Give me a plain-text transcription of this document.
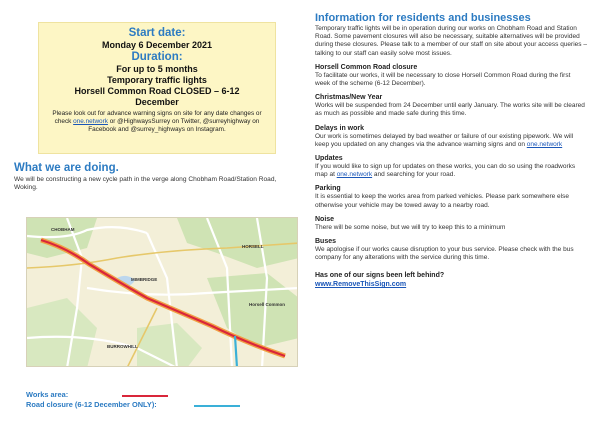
Start date:
Monday 6 December 2021
Duration:
For up to 5 months
Temporary traffic lights
Horsell Common Road CLOSED – 6-12
December
Please look out for advance warning signs on site for any date changes or check one.network or @HighwaysSurrey on Twitter, @surreyhighway on Facebook and @surrey_highways on Instagram.
What we are doing.
We will be constructing a new cycle path in the verge along Chobham Road/Station Road, Woking.
CHOBHAM
HORSELL
MIMBRIDGE
Horsell Common
BURROWHILL
Works area:
Road closure (6-12 December ONLY):
Information for residents and businesses
Temporary traffic lights will be in operation during our works on Chobham Road and Station Road. Some pavement closures will also be necessary, suitable alternatives will be provided during these closures. Please talk to a member of our staff on site about your access queries – talking to our staff can easily solve most issues.
Horsell Common Road closure
To facilitate our works, it will be necessary to close Horsell Common Road during the first week of the scheme (6-12 December).
Christmas/New Year
Works will be suspended from 24 December until early January. The works site will be cleared as much as possible and made safe during this time.
Delays in work
Our work is sometimes delayed by bad weather or failure of our existing pipework. We will keep you updated on any changes via the advance warning signs and on one.network
Updates
If you would like to sign up for updates on these works, you can do so using the roadworks map at one.network and searching for your road.
Parking
It is essential to keep the works area from parked vehicles. Please park somewhere else otherwise your vehicle may be towed away to a nearby road.
Noise
There will be some noise, but we will try to keep this to a minimum
Buses
We apologise if our works cause disruption to your bus service. Please check with the bus company for any alterations with the service during this time.
Has one of our signs been left behind?
www.RemoveThisSign.com
